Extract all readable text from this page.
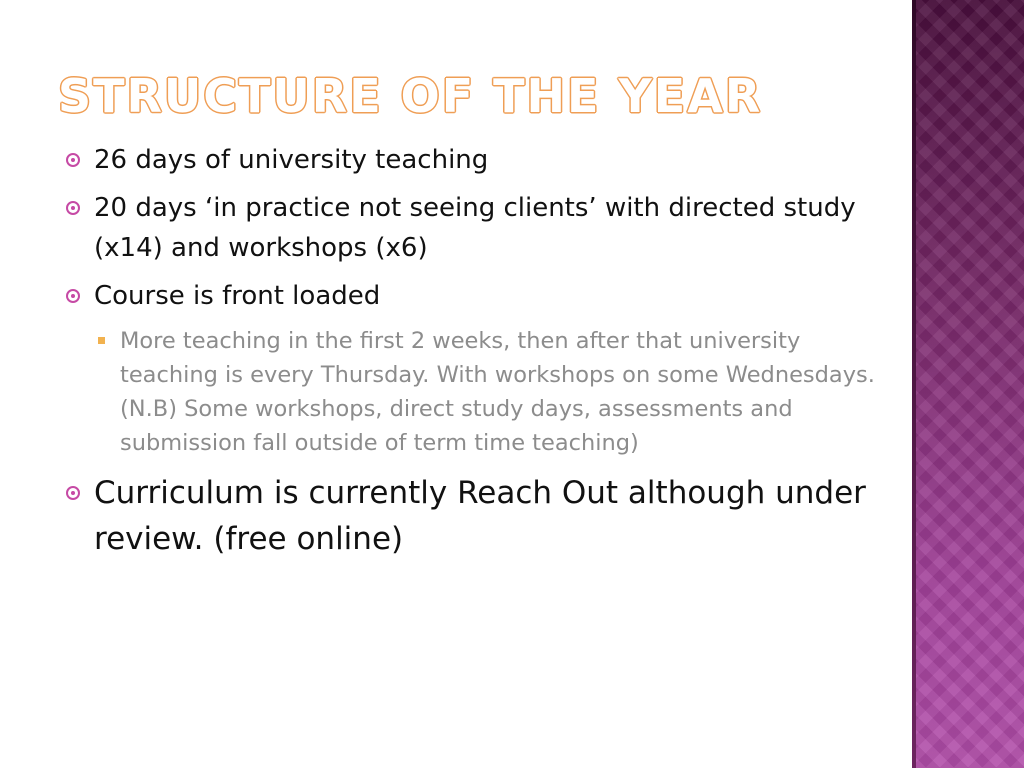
STRUCTURE OF THE YEAR
26 days of university teaching
20 days ‘in practice not seeing clients’ with directed study (x14) and workshops (x6)
Course is front loaded
More teaching in the first 2 weeks, then after that university teaching is every Thursday. With workshops on some Wednesdays. (N.B) Some workshops, direct study days, assessments and submission fall outside of term time teaching)
Curriculum is currently Reach Out although under review. (free online)
